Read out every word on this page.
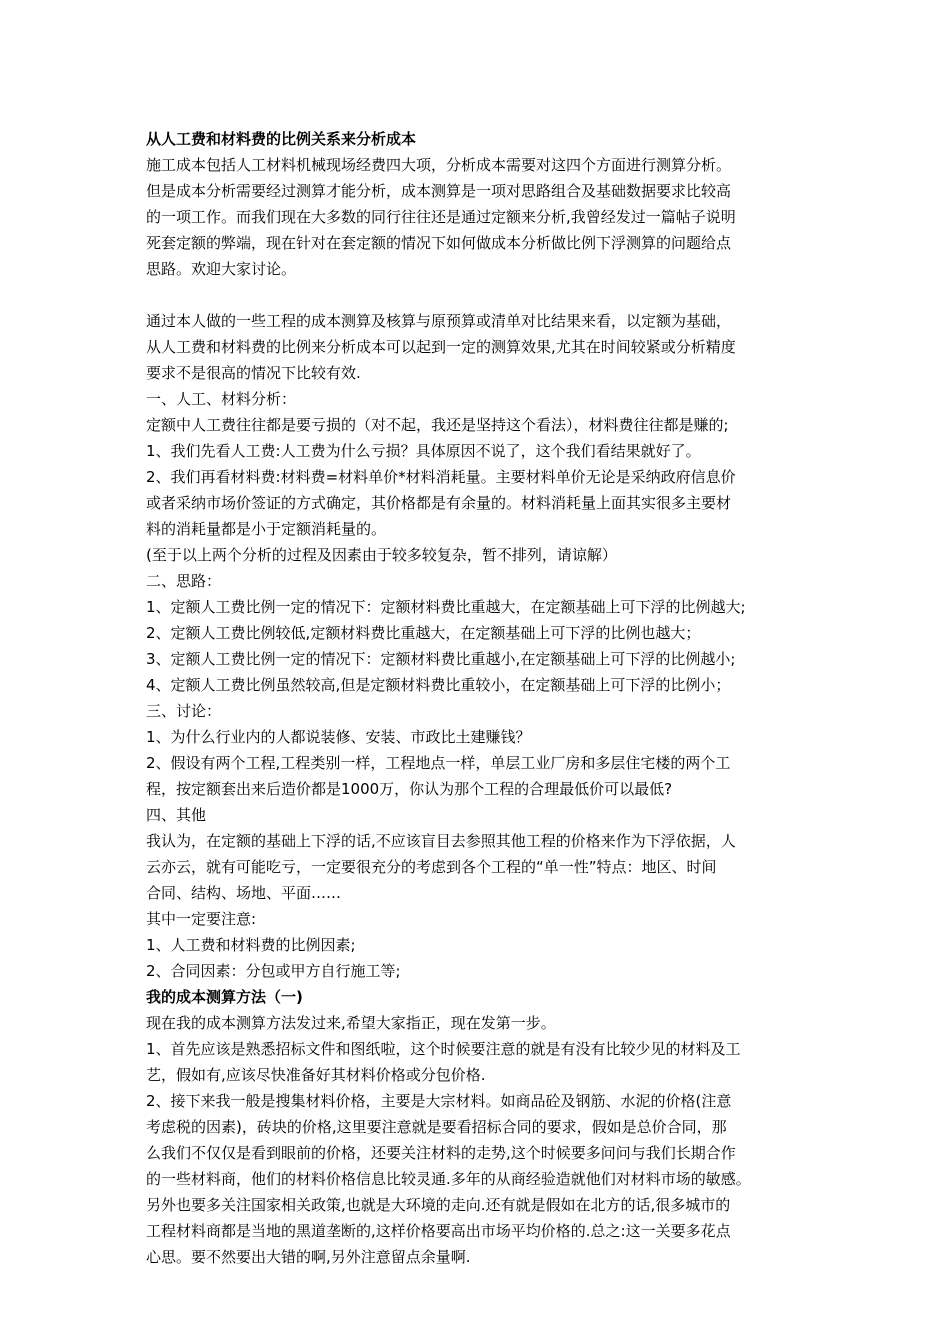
从人工费和材料费的比例关系来分析成本
施工成本包括人工材料机械现场经费四大项，分析成本需要对这四个方面进行测算分析。
但是成本分析需要经过测算才能分析，成本测算是一项对思路组合及基础数据要求比较高
的一项工作。而我们现在大多数的同行往往还是通过定额来分析,我曾经发过一篇帖子说明
死套定额的弊端，现在针对在套定额的情况下如何做成本分析做比例下浮测算的问题给点
思路。欢迎大家讨论。
通过本人做的一些工程的成本测算及核算与原预算或清单对比结果来看，以定额为基础，
从人工费和材料费的比例来分析成本可以起到一定的测算效果,尤其在时间较紧或分析精度
要求不是很高的情况下比较有效.
一、人工、材料分析：
定额中人工费往往都是要亏损的（对不起，我还是坚持这个看法），材料费往往都是赚的;
1、我们先看人工费:人工费为什么亏损？具体原因不说了，这个我们看结果就好了。
2、我们再看材料费:材料费=材料单价*材料消耗量。主要材料单价无论是采纳政府信息价
或者采纳市场价签证的方式确定，其价格都是有余量的。材料消耗量上面其实很多主要材
料的消耗量都是小于定额消耗量的。
(至于以上两个分析的过程及因素由于较多较复杂，暂不排列，请谅解）
二、思路：
1、定额人工费比例一定的情况下：定额材料费比重越大，在定额基础上可下浮的比例越大;
2、定额人工费比例较低,定额材料费比重越大，在定额基础上可下浮的比例也越大；
3、定额人工费比例一定的情况下：定额材料费比重越小,在定额基础上可下浮的比例越小;
4、定额人工费比例虽然较高,但是定额材料费比重较小，在定额基础上可下浮的比例小；
三、讨论：
1、为什么行业内的人都说装修、安装、市政比土建赚钱？
2、假设有两个工程,工程类别一样，工程地点一样，单层工业厂房和多层住宅楼的两个工
程，按定额套出来后造价都是1000万，你认为那个工程的合理最低价可以最低?
四、其他
我认为，在定额的基础上下浮的话,不应该盲目去参照其他工程的价格来作为下浮依据，人
云亦云，就有可能吃亏，一定要很充分的考虑到各个工程的“单一性”特点：地区、时间
合同、结构、场地、平面……
其中一定要注意:
1、人工费和材料费的比例因素;
2、合同因素：分包或甲方自行施工等;
我的成本测算方法（一)
现在我的成本测算方法发过来,希望大家指正，现在发第一步。
1、首先应该是熟悉招标文件和图纸啦，这个时候要注意的就是有没有比较少见的材料及工
艺，假如有,应该尽快准备好其材料价格或分包价格.
2、接下来我一般是搜集材料价格，主要是大宗材料。如商品砼及钢筋、水泥的价格(注意
考虑税的因素)，砖块的价格,这里要注意就是要看招标合同的要求，假如是总价合同，那
么我们不仅仅是看到眼前的价格，还要关注材料的走势,这个时候要多问问与我们长期合作
的一些材料商，他们的材料价格信息比较灵通.多年的从商经验造就他们对材料市场的敏感。
另外也要多关注国家相关政策,也就是大环境的走向.还有就是假如在北方的话,很多城市的
工程材料商都是当地的黑道垄断的,这样价格要高出市场平均价格的.总之:这一关要多花点
心思。要不然要出大错的啊,另外注意留点余量啊.
